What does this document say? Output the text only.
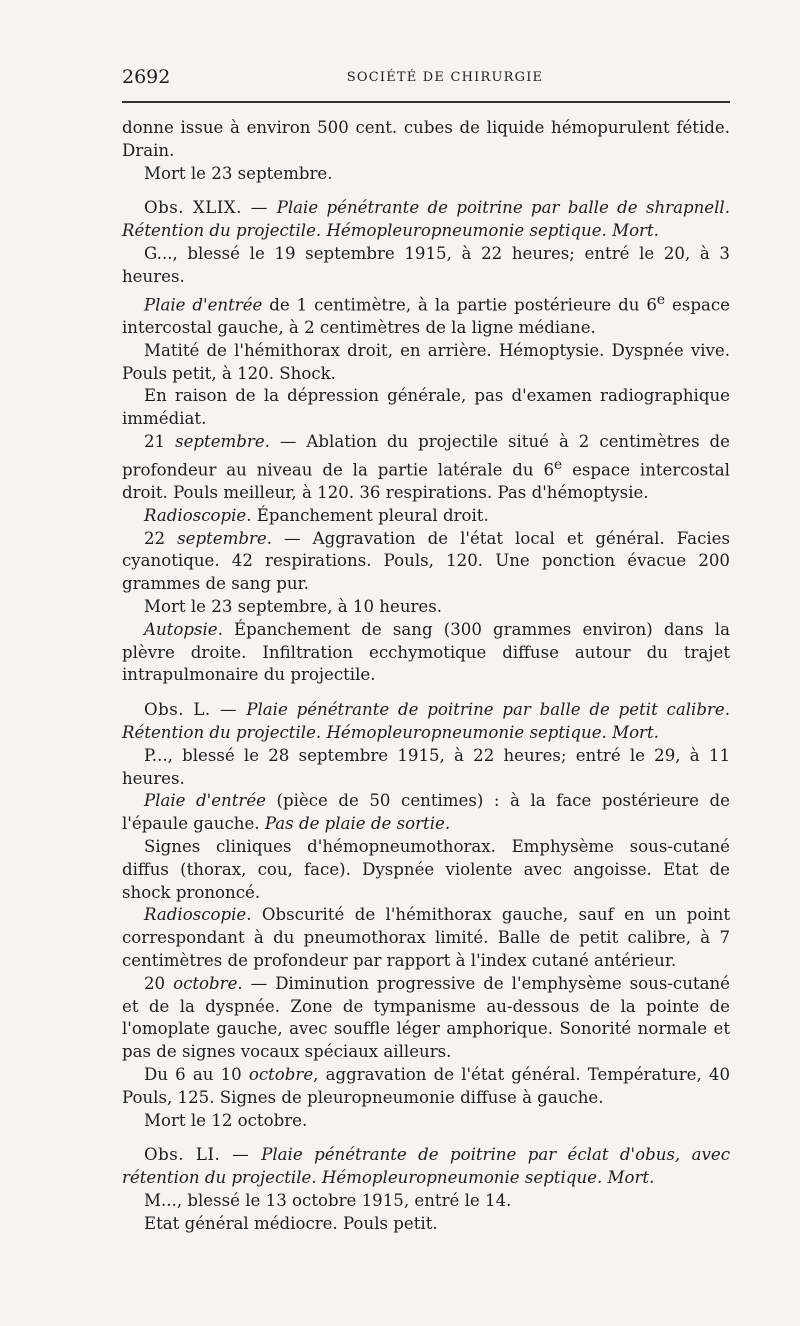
2692	SOCIÉTÉ DE CHIRURGIE

donne issue à environ 500 cent. cubes de liquide hémopurulent fétide. Drain.

Mort le 23 septembre.

Obs. XLIX. — Plaie pénétrante de poitrine par balle de shrapnell. Rétention du projectile. Hémopleuropneumonie septique. Mort.

G..., blessé le 19 septembre 1915, à 22 heures; entré le 20, à 3 heures.

Plaie d'entrée de 1 centimètre, à la partie postérieure du 6e espace intercostal gauche, à 2 centimètres de la ligne médiane.

Matité de l'hémithorax droit, en arrière. Hémoptysie. Dyspnée vive. Pouls petit, à 120. Shock.

En raison de la dépression générale, pas d'examen radiographique immédiat.

21 septembre. — Ablation du projectile situé à 2 centimètres de profondeur au niveau de la partie latérale du 6e espace intercostal droit. Pouls meilleur, à 120. 36 respirations. Pas d'hémoptysie.

Radioscopie. Épanchement pleural droit.

22 septembre. — Aggravation de l'état local et général. Facies cyanotique. 42 respirations. Pouls, 120. Une ponction évacue 200 grammes de sang pur.

Mort le 23 septembre, à 10 heures.

Autopsie. Épanchement de sang (300 grammes environ) dans la plèvre droite. Infiltration ecchymotique diffuse autour du trajet intrapulmonaire du projectile.

Obs. L. — Plaie pénétrante de poitrine par balle de petit calibre. Rétention du projectile. Hémopleuropneumonie septique. Mort.

P..., blessé le 28 septembre 1915, à 22 heures; entré le 29, à 11 heures.

Plaie d'entrée (pièce de 50 centimes) : à la face postérieure de l'épaule gauche. Pas de plaie de sortie.

Signes cliniques d'hémopneumothorax. Emphysème sous-cutané diffus (thorax, cou, face). Dyspnée violente avec angoisse. Etat de shock prononcé.

Radioscopie. Obscurité de l'hémithorax gauche, sauf en un point correspondant à du pneumothorax limité. Balle de petit calibre, à 7 centimètres de profondeur par rapport à l'index cutané antérieur.

20 octobre. — Diminution progressive de l'emphysème sous-cutané et de la dyspnée. Zone de tympanisme au-dessous de la pointe de l'omoplate gauche, avec souffle léger amphorique. Sonorité normale et pas de signes vocaux spéciaux ailleurs.

Du 6 au 10 octobre, aggravation de l'état général. Température, 40 Pouls, 125. Signes de pleuropneumonie diffuse à gauche.

Mort le 12 octobre.

Obs. LI. — Plaie pénétrante de poitrine par éclat d'obus, avec rétention du projectile. Hémopleuropneumonie septique. Mort.

M..., blessé le 13 octobre 1915, entré le 14.

Etat général médiocre. Pouls petit.
